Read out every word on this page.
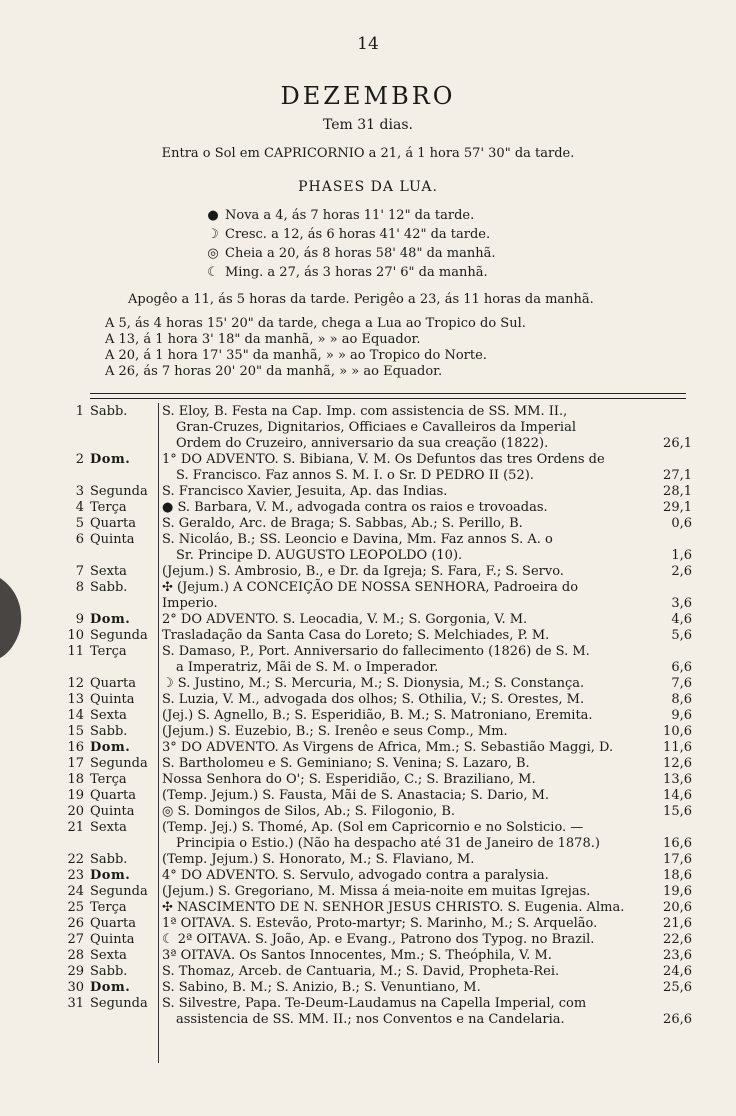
14
DEZEMBRO
Tem 31 dias.
Entra o Sol em CAPRICORNIO a 21, á 1 hora 57' 30" da tarde.
PHASES DA LUA.
● Nova a 4, ás 7 horas 11' 12" da tarde.
☽ Cresc. a 12, ás 6 horas 41' 42" da tarde.
◎ Cheia a 20, ás 8 horas 58' 48" da manhã.
☾ Ming. a 27, ás 3 horas 27' 6" da manhã.
Apogêo a 11, ás 5 horas da tarde. Perigêo a 23, ás 11 horas da manhã.
A 5, ás 4 horas 15' 20" da tarde, chega a Lua ao Tropico do Sul.
A 13, á 1 hora 3' 18" da manhã, » » ao Equador.
A 20, á 1 hora 17' 35" da manhã, » » ao Tropico do Norte.
A 26, ás 7 horas 20' 20" da manhã, » » ao Equador.
1 Sabb.	S. Eloy, B. Festa na Cap. Imp. com assistencia de SS. MM. II.,
Gran-Cruzes, Dignitarios, Officiaes e Cavalleiros da Imperial
Ordem do Cruzeiro, anniversario da sua creação (1822).	26,1
2 Dom.	1° DO ADVENTO. S. Bibiana, V. M. Os Defuntos das tres Ordens de
S. Francisco. Faz annos S. M. I. o Sr. D PEDRO II (52).	27,1
3 Segunda	S. Francisco Xavier, Jesuita, Ap. das Indias.	28,1
4 Terça	● S. Barbara, V. M., advogada contra os raios e trovoadas.	29,1
5 Quarta	S. Geraldo, Arc. de Braga; S. Sabbas, Ab.; S. Perillo, B.	0,6
6 Quinta	S. Nicoláo, B.; SS. Leoncio e Davina, Mm. Faz annos S. A. o
Sr. Principe D. AUGUSTO LEOPOLDO (10).	1,6
7 Sexta	(Jejum.) S. Ambrosio, B., e Dr. da Igreja; S. Fara, F.; S. Servo.	2,6
8 Sabb.	✣ (Jejum.) A CONCEIÇÃO DE NOSSA SENHORA, Padroeira do Imperio.	3,6
9 Dom.	2° DO ADVENTO. S. Leocadia, V. M.; S. Gorgonia, V. M.	4,6
10 Segunda	Trasladação da Santa Casa do Loreto; S. Melchiades, P. M.	5,6
11 Terça	S. Damaso, P., Port. Anniversario do fallecimento (1826) de S. M.
a Imperatriz, Mãi de S. M. o Imperador.	6,6
12 Quarta	☽ S. Justino, M.; S. Mercuria, M.; S. Dionysia, M.; S. Constança.	7,6
13 Quinta	S. Luzia, V. M., advogada dos olhos; S. Othilia, V.; S. Orestes, M.	8,6
14 Sexta	(Jej.) S. Agnello, B.; S. Esperidião, B. M.; S. Matroniano, Eremita.	9,6
15 Sabb.	(Jejum.) S. Euzebio, B.; S. Irenêo e seus Comp., Mm.	10,6
16 Dom.	3° DO ADVENTO. As Virgens de Africa, Mm.; S. Sebastião Maggi, D.	11,6
17 Segunda	S. Bartholomeu e S. Geminiano; S. Venina; S. Lazaro, B.	12,6
18 Terça	Nossa Senhora do O'; S. Esperidião, C.; S. Braziliano, M.	13,6
19 Quarta	(Temp. Jejum.) S. Fausta, Mãi de S. Anastacia; S. Dario, M.	14,6
20 Quinta	◎ S. Domingos de Silos, Ab.; S. Filogonio, B.	15,6
21 Sexta	(Temp. Jej.) S. Thomé, Ap. (Sol em Capricornio e no Solsticio. —
Principia o Estio.) (Não ha despacho até 31 de Janeiro de 1878.)	16,6
22 Sabb.	(Temp. Jejum.) S. Honorato, M.; S. Flaviano, M.	17,6
23 Dom.	4° DO ADVENTO. S. Servulo, advogado contra a paralysia.	18,6
24 Segunda	(Jejum.) S. Gregoriano, M. Missa á meia-noite em muitas Igrejas.	19,6
25 Terça	✣ NASCIMENTO DE N. SENHOR JESUS CHRISTO. S. Eugenia. Alma.	20,6
26 Quarta	1ª OITAVA. S. Estevão, Proto-martyr; S. Marinho, M.; S. Arquelão.	21,6
27 Quinta	☾ 2ª OITAVA. S. João, Ap. e Evang., Patrono dos Typog. no Brazil.	22,6
28 Sexta	3ª OITAVA. Os Santos Innocentes, Mm.; S. Theóphila, V. M.	23,6
29 Sabb.	S. Thomaz, Arceb. de Cantuaria, M.; S. David, Propheta-Rei.	24,6
30 Dom.	S. Sabino, B. M.; S. Anizio, B.; S. Venuntiano, M.	25,6
31 Segunda	S. Silvestre, Papa. Te-Deum-Laudamus na Capella Imperial, com
assistencia de SS. MM. II.; nos Conventos e na Candelaria.	26,6
